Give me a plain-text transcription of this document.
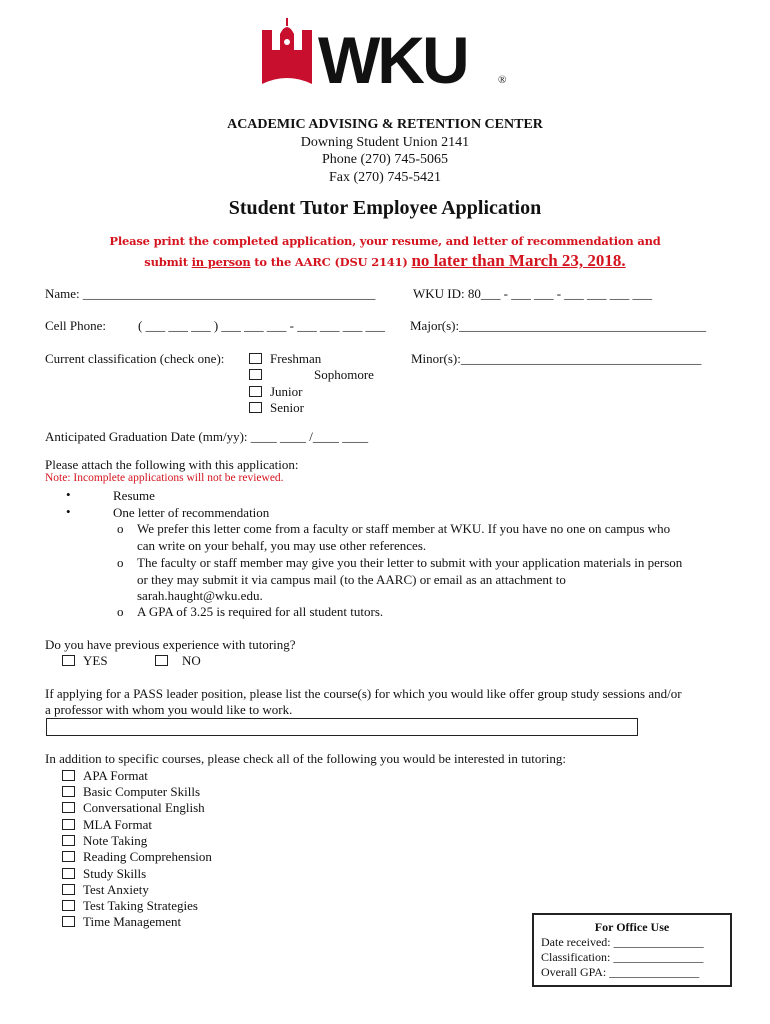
WKU	®
ACADEMIC ADVISING & RETENTION CENTER
Downing Student Union 2141
Phone (270) 745-5065
Fax (270) 745-5421
Student Tutor Employee Application
Please print the completed application, your resume, and letter of recommendation and
submit in person to the AARC (DSU 2141) no later than March 23, 2018.
Name: _____________________________________________	WKU ID: 80___ - ___ ___ - ___ ___ ___ ___
Cell Phone: ( ___ ___ ___ ) ___ ___ ___ - ___ ___ ___ ___ Major(s):______________________________________
Current classification (check one):	Freshman
Sophomore
Junior
Senior
Minor(s):_____________________________________
Anticipated Graduation Date (mm/yy): ____ ____ /____ ____
Please attach the following with this application:
Note: Incomplete applications will not be reviewed.
•	Resume
•	One letter of recommendation
o We prefer this letter come from a faculty or staff member at WKU. If you have no one on campus who
can write on your behalf, you may use other references.
o The faculty or staff member may give you their letter to submit with your application materials in person
or they may submit it via campus mail (to the AARC) or email as an attachment to
sarah.haught@wku.edu.
o A GPA of 3.25 is required for all student tutors.
Do you have previous experience with tutoring?
YES	NO
If applying for a PASS leader position, please list the course(s) for which you would like offer group study sessions and/or
a professor with whom you would like to work.
In addition to specific courses, please check all of the following you would be interested in tutoring:
APA Format
Basic Computer Skills
Conversational English
MLA Format
Note Taking
Reading Comprehension
Study Skills
Test Anxiety
Test Taking Strategies
Time Management	For Office Use
Date received: _______________
Classification: _______________
Overall GPA: _______________
